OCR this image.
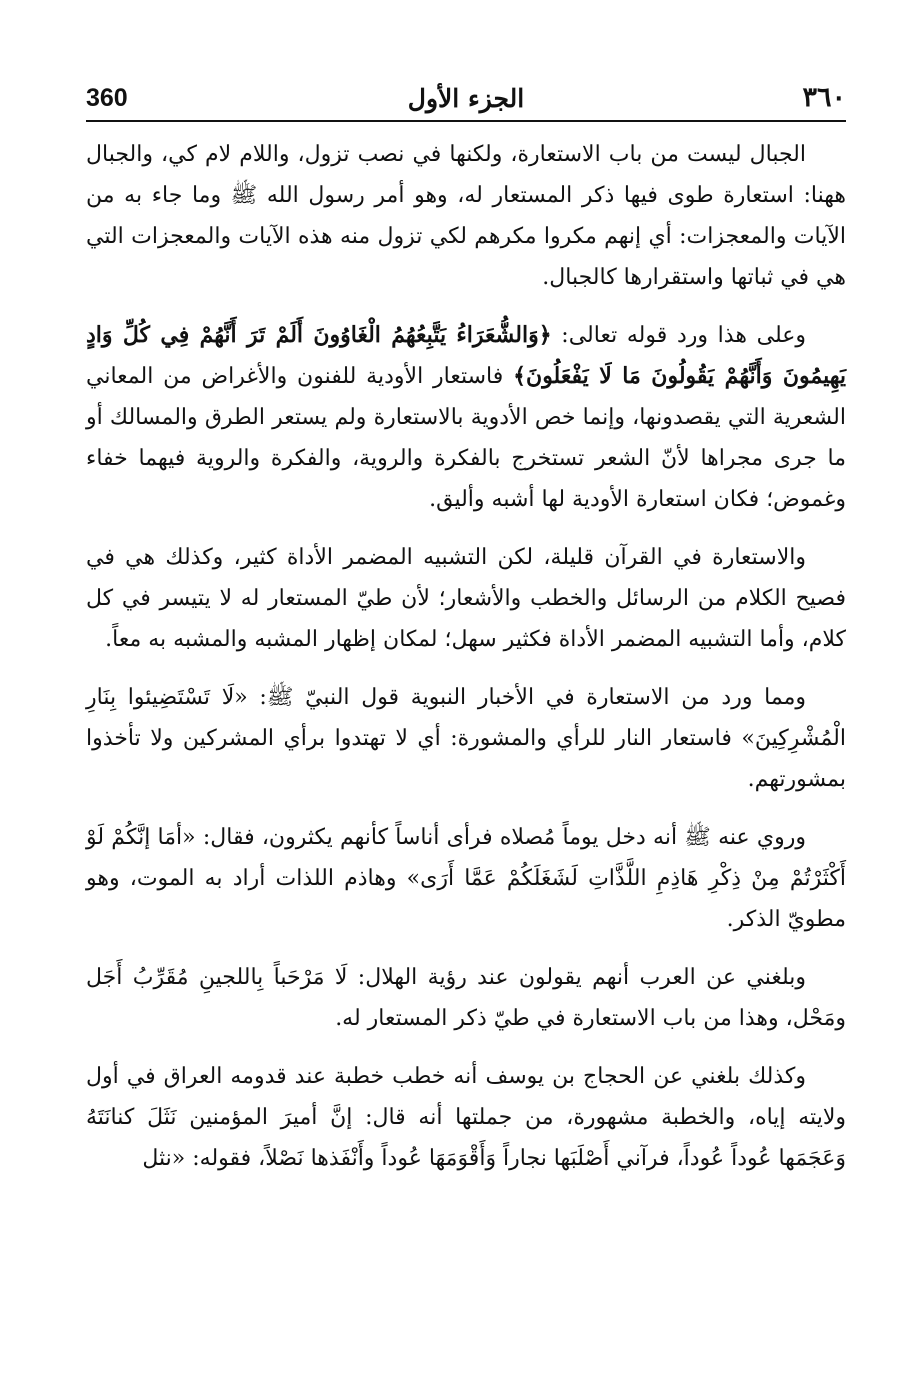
360	الجزء الأول	٣٦٠

الجبال ليست من باب الاستعارة، ولكنها في نصب تزول، واللام لام كي، والجبال ههنا: استعارة طوى فيها ذكر المستعار له، وهو أمر رسول الله ﷺ وما جاء به من الآيات والمعجزات: أي إنهم مكروا مكرهم لكي تزول منه هذه الآيات والمعجزات التي هي في ثباتها واستقرارها كالجبال.

وعلى هذا ورد قوله تعالى: ﴿وَالشُّعَرَاءُ يَتَّبِعُهُمُ الْغَاوُونَ أَلَمْ تَرَ أَنَّهُمْ فِي كُلِّ وَادٍ يَهِيمُونَ وَأَنَّهُمْ يَقُولُونَ مَا لَا يَفْعَلُونَ﴾ فاستعار الأودية للفنون والأغراض من المعاني الشعرية التي يقصدونها، وإنما خص الأدوية بالاستعارة ولم يستعر الطرق والمسالك أو ما جرى مجراها لأنّ الشعر تستخرج بالفكرة والروية، والفكرة والروية فيهما خفاء وغموض؛ فكان استعارة الأودية لها أشبه وأليق.

والاستعارة في القرآن قليلة، لكن التشبيه المضمر الأداة كثير، وكذلك هي في فصيح الكلام من الرسائل والخطب والأشعار؛ لأن طيّ المستعار له لا يتيسر في كل كلام، وأما التشبيه المضمر الأداة فكثير سهل؛ لمكان إظهار المشبه والمشبه به معاً.

ومما ورد من الاستعارة في الأخبار النبوية قول النبيّ ﷺ: «لَا تَسْتَضِيئوا بِنَارِ الْمُشْرِكِينَ» فاستعار النار للرأي والمشورة: أي لا تهتدوا برأي المشركين ولا تأخذوا بمشورتهم.

وروي عنه ﷺ أنه دخل يوماً مُصلاه فرأى أناساً كأنهم يكثرون، فقال: «أمَا إنَّكُمْ لَوْ أَكْثَرْتُمْ مِنْ ذِكْرِ هَاذِمِ اللَّذَّاتِ لَشَغَلَكُمْ عَمَّا أَرَى» وهاذم اللذات أراد به الموت، وهو مطويّ الذكر.

وبلغني عن العرب أنهم يقولون عند رؤية الهلال: لَا مَرْحَباً بِاللجينِ مُقَرِّبُ أَجَل ومَحْل، وهذا من باب الاستعارة في طيّ ذكر المستعار له.

وكذلك بلغني عن الحجاج بن يوسف أنه خطب خطبة عند قدومه العراق في أول ولايته إياه، والخطبة مشهورة، من جملتها أنه قال: إنَّ أميرَ المؤمنين نَثَلَ كنانَتَهُ وَعَجَمَها عُوداً عُوداً، فرآني أَصْلَبَها نجاراً وَأَقْوَمَهَا عُوداً وأَنْفَذها نَصْلاً، فقوله: «نثل
